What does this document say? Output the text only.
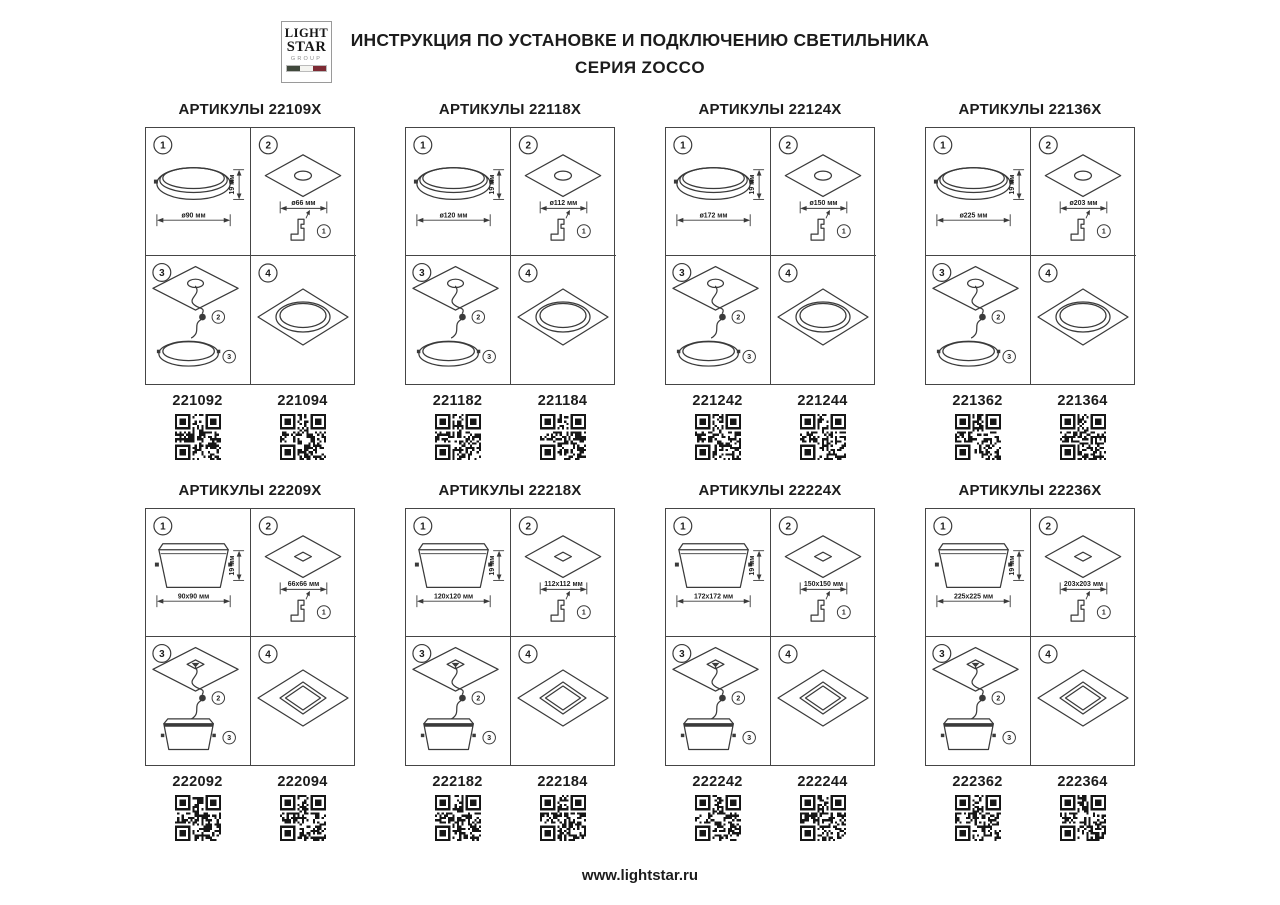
LIGHT
STAR
GROUP
ИНСТРУКЦИЯ ПО УСТАНОВКЕ И ПОДКЛЮЧЕНИЮ СВЕТИЛЬНИКА
СЕРИЯ ZOCCO
АРТИКУЛЫ 22109X
1
ø90 мм
19 мм
2
ø66 мм
1
3
2
3
4
221092	221094
АРТИКУЛЫ 22118X
1
ø120 мм
19 мм
2
ø112 мм
1
3
2
3
4
221182	221184
АРТИКУЛЫ 22124X
1
ø172 мм
19 мм
2
ø150 мм
1
3
2
3
4
221242	221244
АРТИКУЛЫ 22136X
1
ø225 мм
19 мм
2
ø203 мм
1
3
2
3
4
221362	221364
АРТИКУЛЫ 22209X
1
90x90 мм
19 мм
2
66x66 мм
1
3
2
3
4
222092	222094
АРТИКУЛЫ 22218X
1
120x120 мм
19 мм
2
112x112 мм
1
3
2
3
4
222182	222184
АРТИКУЛЫ 22224X
1
172x172 мм
19 мм
2
150x150 мм
1
3
2
3
4
222242	222244
АРТИКУЛЫ 22236X
1
225x225 мм
19 мм
2
203x203 мм
1
3
2
3
4
222362	222364
www.lightstar.ru
